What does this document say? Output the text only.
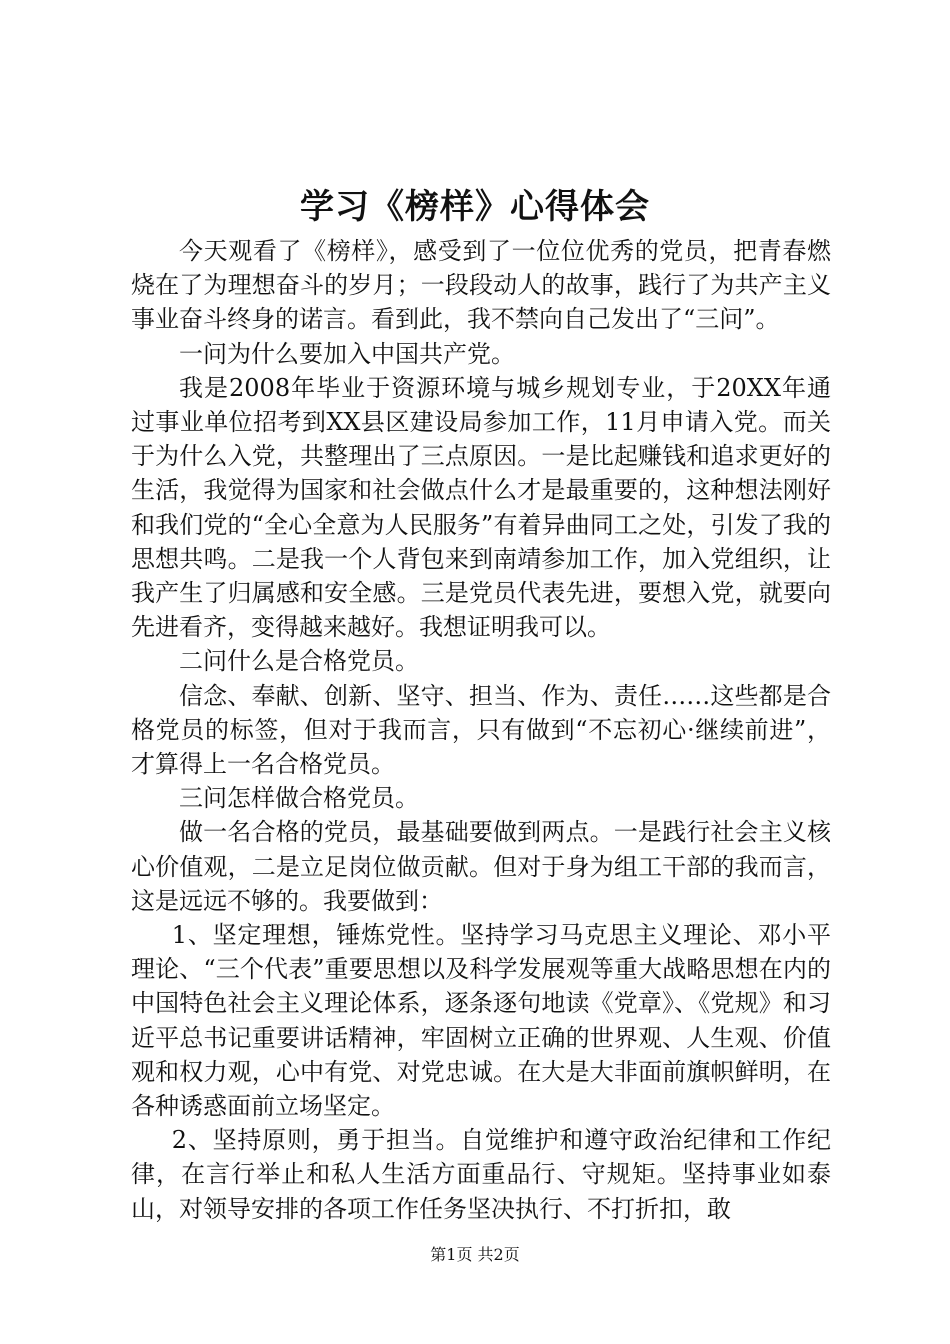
学习《榜样》心得体会

今天观看了《榜样》，感受到了一位位优秀的党员，把青春燃烧在了为理想奋斗的岁月；一段段动人的故事，践行了为共产主义事业奋斗终身的诺言。看到此，我不禁向自己发出了“三问”。

一问为什么要加入中国共产党。

我是2008年毕业于资源环境与城乡规划专业，于20XX年通过事业单位招考到XX县区建设局参加工作，11月申请入党。而关于为什么入党，共整理出了三点原因。一是比起赚钱和追求更好的生活，我觉得为国家和社会做点什么才是最重要的，这种想法刚好和我们党的“全心全意为人民服务”有着异曲同工之处，引发了我的思想共鸣。二是我一个人背包来到南靖参加工作，加入党组织，让我产生了归属感和安全感。三是党员代表先进，要想入党，就要向先进看齐，变得越来越好。我想证明我可以。

二问什么是合格党员。

信念、奉献、创新、坚守、担当、作为、责任……这些都是合格党员的标签，但对于我而言，只有做到“不忘初心·继续前进”，才算得上一名合格党员。

三问怎样做合格党员。

做一名合格的党员，最基础要做到两点。一是践行社会主义核心价值观，二是立足岗位做贡献。但对于身为组工干部的我而言，这是远远不够的。我要做到：

1、坚定理想，锤炼党性。坚持学习马克思主义理论、邓小平理论、“三个代表”重要思想以及科学发展观等重大战略思想在内的中国特色社会主义理论体系，逐条逐句地读《党章》、《党规》和习近平总书记重要讲话精神，牢固树立正确的世界观、人生观、价值观和权力观，心中有党、对党忠诚。在大是大非面前旗帜鲜明，在各种诱惑面前立场坚定。

2、坚持原则，勇于担当。自觉维护和遵守政治纪律和工作纪律，在言行举止和私人生活方面重品行、守规矩。坚持事业如泰山，对领导安排的各项工作任务坚决执行、不打折扣，敢

第1页 共2页
